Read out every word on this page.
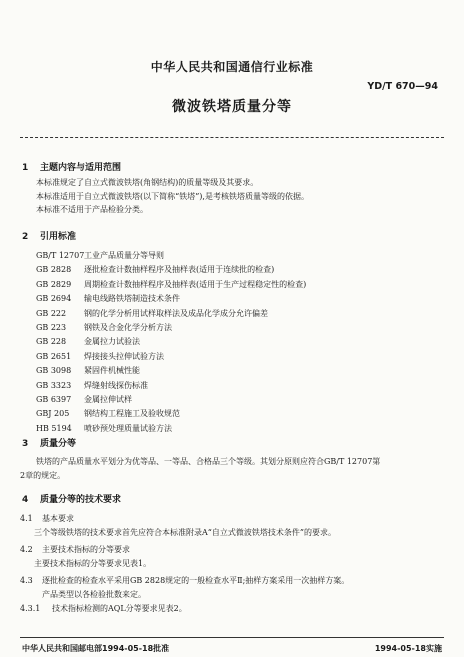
中华人民共和国通信行业标准
YD/T 670—94
微波铁塔质量分等
1 主题内容与适用范围
本标准规定了自立式微波铁塔(角钢结构)的质量等级及其要求。
本标准适用于自立式微波铁塔(以下简称“铁塔”),是考核铁塔质量等级的依据。
本标准不适用于产品检验分类。
2 引用标准
GB/T 12707工业产品质量分等导则
GB 2828 逐批检查计数抽样程序及抽样表(适用于连续批的检查)
GB 2829 周期检查计数抽样程序及抽样表(适用于生产过程稳定性的检查)
GB 2694 输电线路铁塔制造技术条件
GB 222 钢的化学分析用试样取样法及成品化学成分允许偏差
GB 223 钢铁及合金化学分析方法
GB 228 金属拉力试验法
GB 2651 焊接接头拉伸试验方法
GB 3098 紧固件机械性能
GB 3323 焊缝射线探伤标准
GB 6397 金属拉伸试样
GBJ 205 钢结构工程施工及验收规范
HB 5194 喷砂预处理质量试验方法
3 质量分等
铁塔的产品质量水平划分为优等品、一等品、合格品三个等级。其划分原则应符合GB/T 12707第
2章的规定。
4 质量分等的技术要求
4.1 基本要求
三个等级铁塔的技术要求首先应符合本标准附录A“自立式微波铁塔技术条件”的要求。
4.2 主要技术指标的分等要求
主要技术指标的分等要求见表1。
4.3 逐批检查的检查水平采用GB 2828规定的一般检查水平Ⅱ;抽样方案采用一次抽样方案。
产品类型以各检验批数来定。
4.3.1 技术指标检测的AQL分等要求见表2。
中华人民共和国邮电部1994-05-18批准	1994-05-18实施
